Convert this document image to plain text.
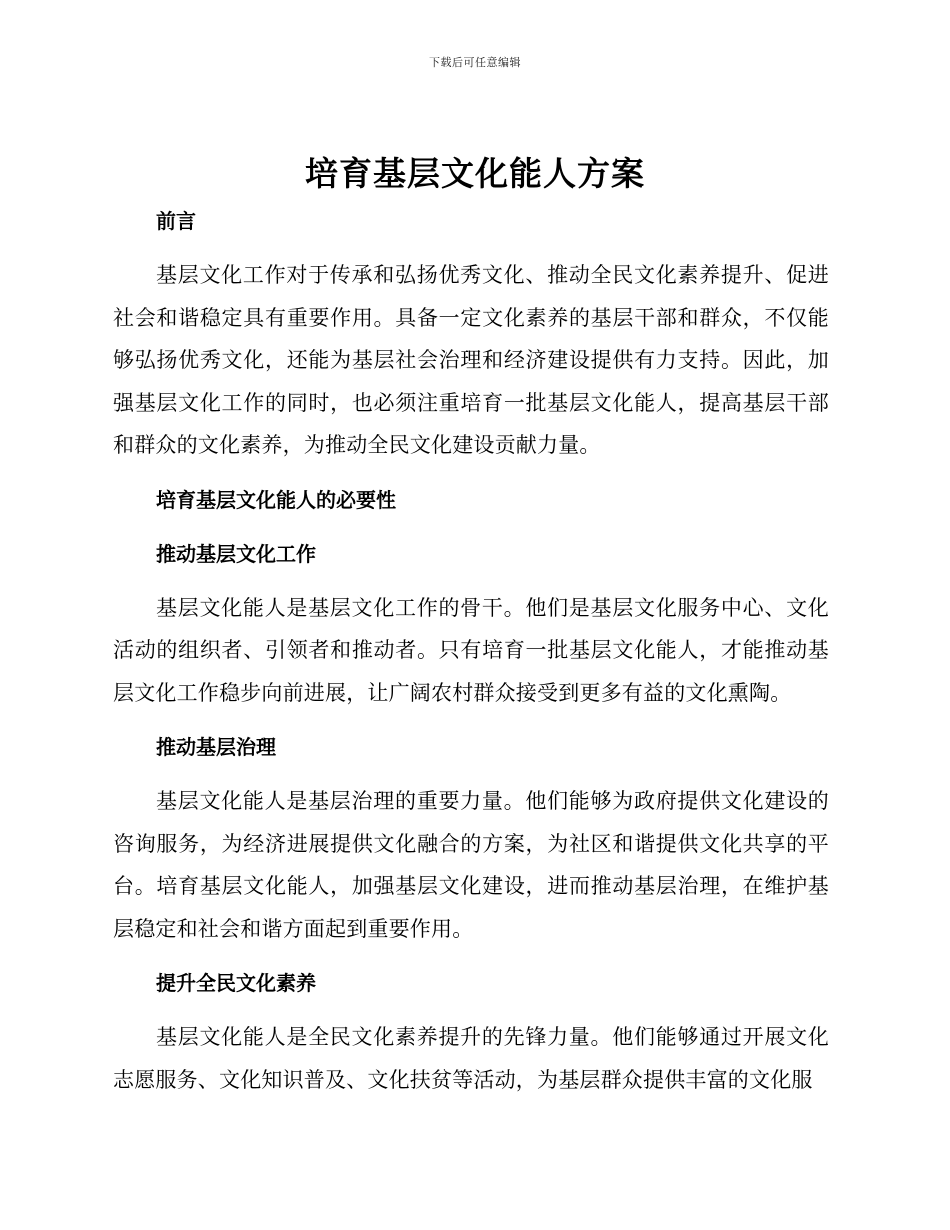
下载后可任意编辑
培育基层文化能人方案
前言

基层文化工作对于传承和弘扬优秀文化、推动全民文化素养提升、促进社会和谐稳定具有重要作用。具备一定文化素养的基层干部和群众，不仅能够弘扬优秀文化，还能为基层社会治理和经济建设提供有力支持。因此，加强基层文化工作的同时，也必须注重培育一批基层文化能人，提高基层干部和群众的文化素养，为推动全民文化建设贡献力量。

培育基层文化能人的必要性
推动基层文化工作

基层文化能人是基层文化工作的骨干。他们是基层文化服务中心、文化活动的组织者、引领者和推动者。只有培育一批基层文化能人，才能推动基层文化工作稳步向前进展，让广阔农村群众接受到更多有益的文化熏陶。

推动基层治理

基层文化能人是基层治理的重要力量。他们能够为政府提供文化建设的咨询服务，为经济进展提供文化融合的方案，为社区和谐提供文化共享的平台。培育基层文化能人，加强基层文化建设，进而推动基层治理，在维护基层稳定和社会和谐方面起到重要作用。

提升全民文化素养

基层文化能人是全民文化素养提升的先锋力量。他们能够通过开展文化志愿服务、文化知识普及、文化扶贫等活动，为基层群众提供丰富的文化服
